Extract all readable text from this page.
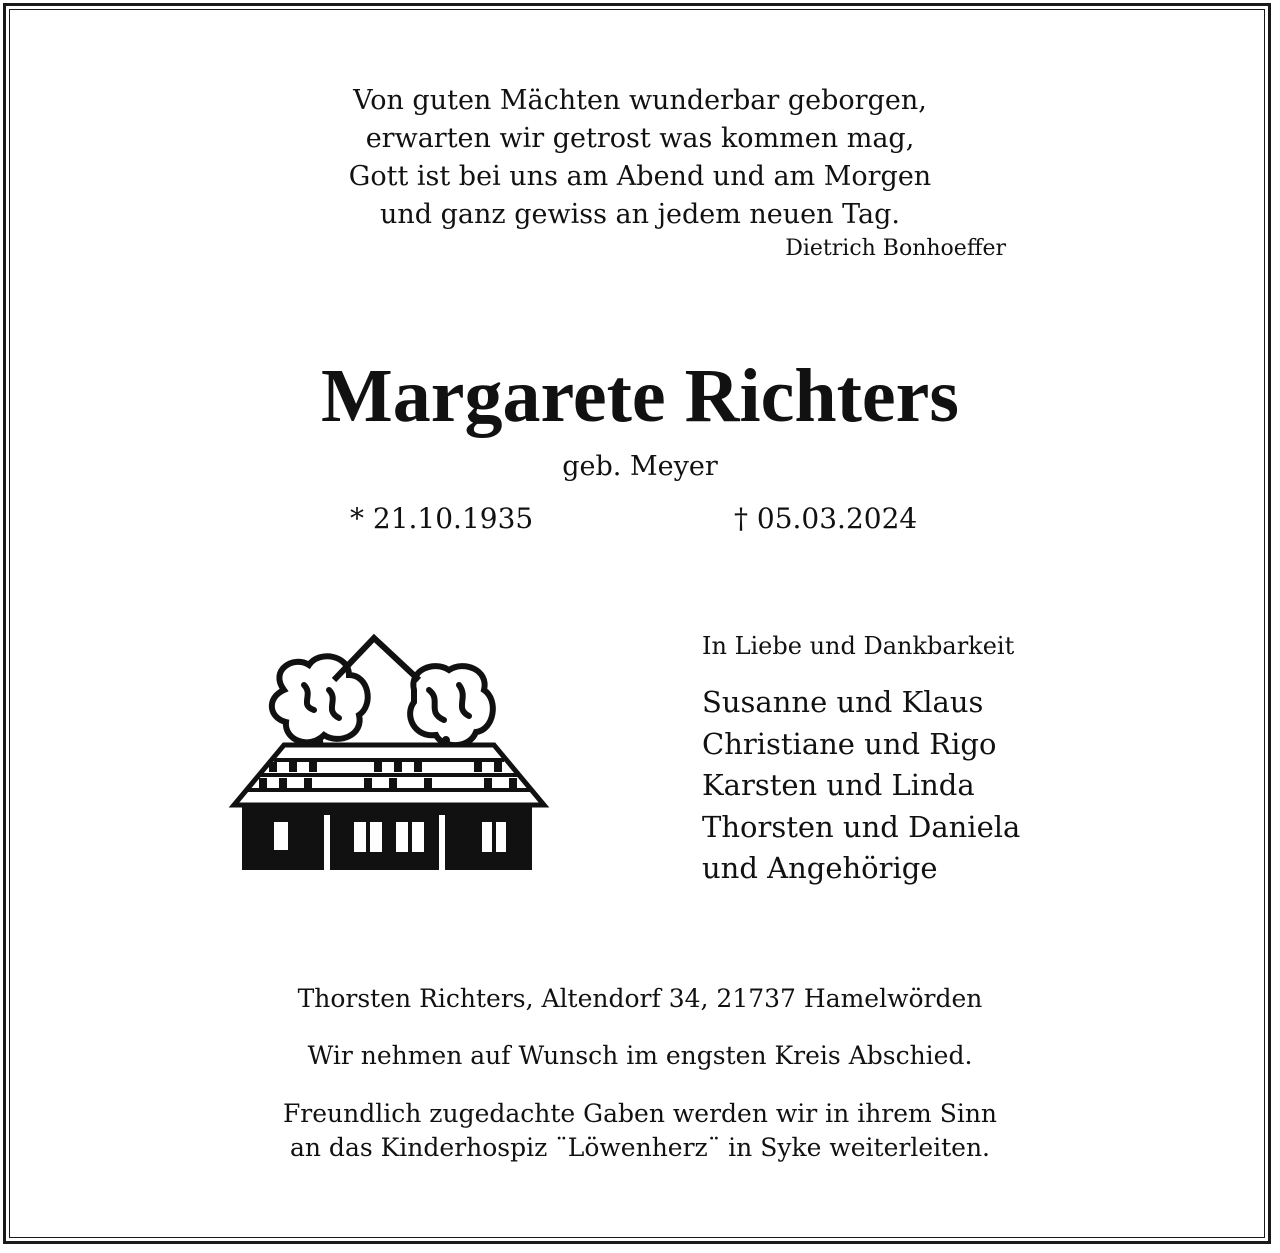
Von guten Mächten wunderbar geborgen,
erwarten wir getrost was kommen mag,
Gott ist bei uns am Abend und am Morgen
und ganz gewiss an jedem neuen Tag.
Dietrich Bonhoeffer
Margarete Richters
geb. Meyer
* 21.10.1935	† 05.03.2024
In Liebe und Dankbarkeit
Susanne und Klaus
Christiane und Rigo
Karsten und Linda
Thorsten und Daniela
und Angehörige
Thorsten Richters, Altendorf 34, 21737 Hamelwörden
Wir nehmen auf Wunsch im engsten Kreis Abschied.
Freundlich zugedachte Gaben werden wir in ihrem Sinn
an das Kinderhospiz ¨Löwenherz¨ in Syke weiterleiten.
